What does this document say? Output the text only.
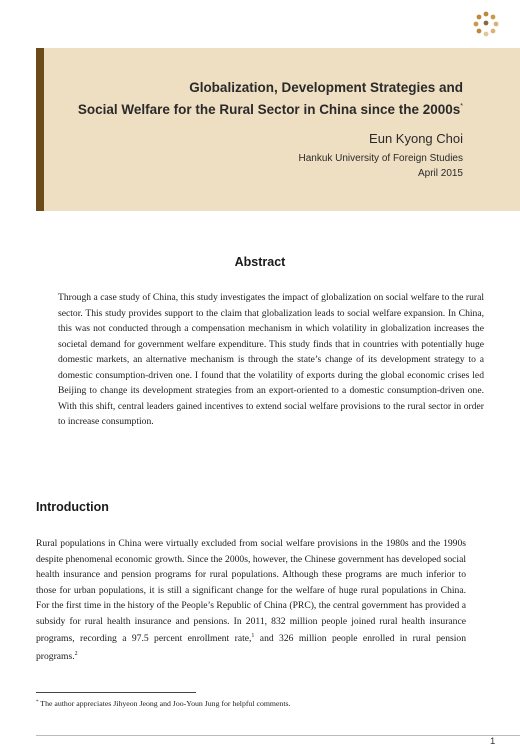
Globalization, Development Strategies and
Social Welfare for the Rural Sector in China since the 2000s*
Eun Kyong Choi
Hankuk University of Foreign Studies
April 2015
Abstract
Through a case study of China, this study investigates the impact of globalization on social welfare to the rural sector. This study provides support to the claim that globalization leads to social welfare expansion. In China, this was not conducted through a compensation mechanism in which volatility in globalization increases the societal demand for government welfare expenditure. This study finds that in countries with potentially huge domestic markets, an alternative mechanism is through the state’s change of its development strategy to a domestic consumption-driven one. I found that the volatility of exports during the global economic crises led Beijing to change its development strategies from an export-oriented to a domestic consumption-driven one. With this shift, central leaders gained incentives to extend social welfare provisions to the rural sector in order to increase consumption.
Introduction
Rural populations in China were virtually excluded from social welfare provisions in the 1980s and the 1990s despite phenomenal economic growth. Since the 2000s, however, the Chinese government has developed social health insurance and pension programs for rural populations. Although these programs are much inferior to those for urban populations, it is still a significant change for the welfare of huge rural populations in China. For the first time in the history of the People’s Republic of China (PRC), the central government has provided a subsidy for rural health insurance and pensions. In 2011, 832 million people joined rural health insurance programs, recording a 97.5 percent enrollment rate,$^1$ and 326 million people enrolled in rural pension programs.$^2$
* The author appreciates Jihyeon Jeong and Joo-Youn Jung for helpful comments.
1
